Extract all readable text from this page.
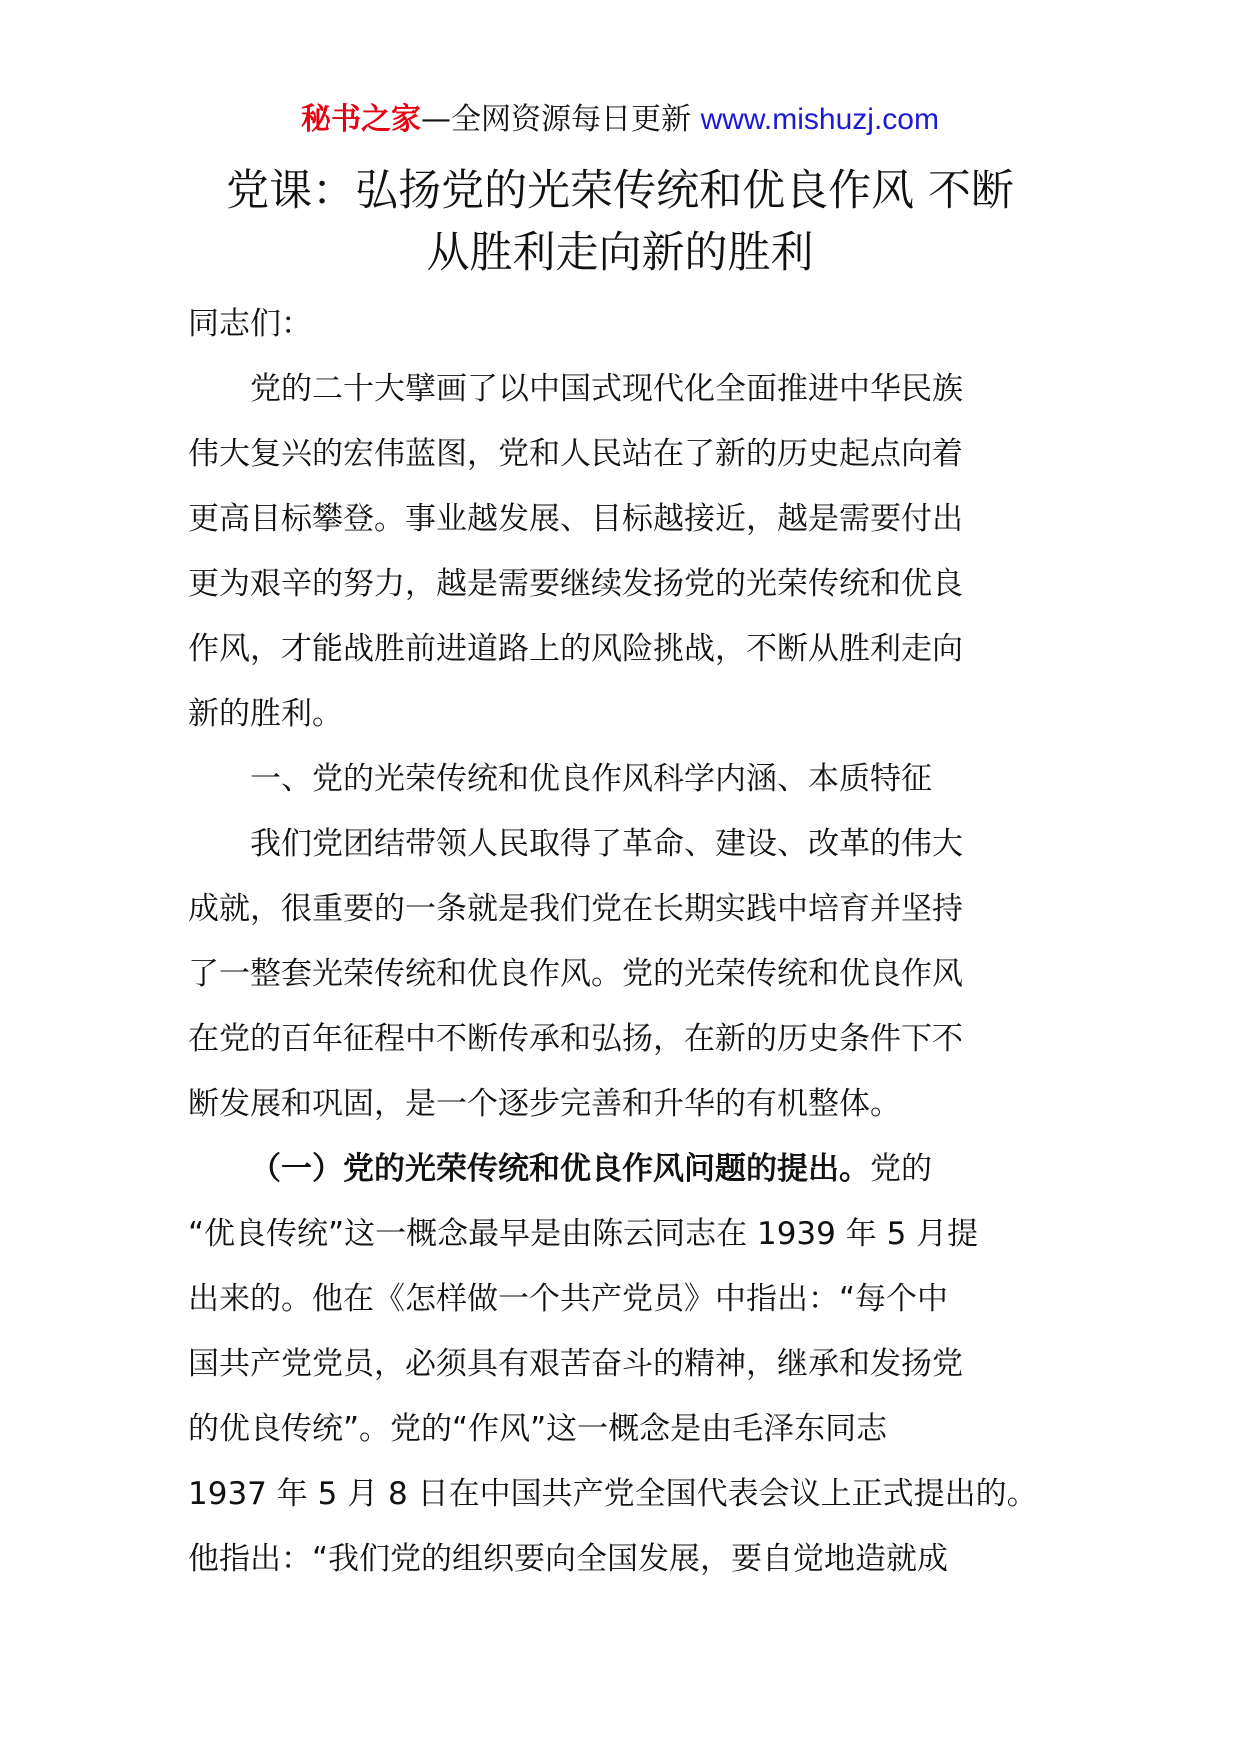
秘书之家—全网资源每日更新 www.mishuzj.com
党课：弘扬党的光荣传统和优良作风 不断
从胜利走向新的胜利
同志们：
党的二十大擘画了以中国式现代化全面推进中华民族
伟大复兴的宏伟蓝图，党和人民站在了新的历史起点向着
更高目标攀登。事业越发展、目标越接近，越是需要付出
更为艰辛的努力，越是需要继续发扬党的光荣传统和优良
作风，才能战胜前进道路上的风险挑战，不断从胜利走向
新的胜利。
一、党的光荣传统和优良作风科学内涵、本质特征
我们党团结带领人民取得了革命、建设、改革的伟大
成就，很重要的一条就是我们党在长期实践中培育并坚持
了一整套光荣传统和优良作风。党的光荣传统和优良作风
在党的百年征程中不断传承和弘扬，在新的历史条件下不
断发展和巩固，是一个逐步完善和升华的有机整体。
（一）党的光荣传统和优良作风问题的提出。党的
“优良传统”这一概念最早是由陈云同志在 1939 年 5 月提
出来的。他在《怎样做一个共产党员》中指出：“每个中
国共产党党员，必须具有艰苦奋斗的精神，继承和发扬党
的优良传统”。党的“作风”这一概念是由毛泽东同志
1937 年 5 月 8 日在中国共产党全国代表会议上正式提出的。
他指出：“我们党的组织要向全国发展，要自觉地造就成
